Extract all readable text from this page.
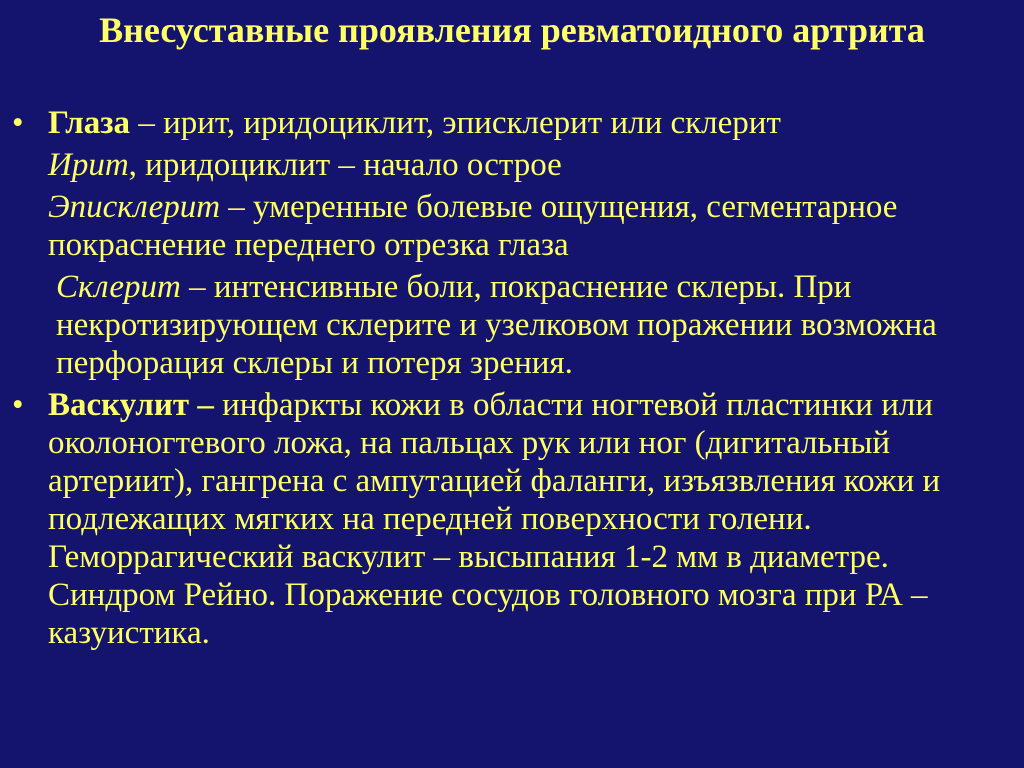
Внесуставные проявления ревматоидного артрита
• Глаза – ирит, иридоциклит, эписклерит или склерит
Ирит, иридоциклит – начало острое
Эписклерит – умеренные болевые ощущения, сегментарное покраснение переднего отрезка глаза
Склерит – интенсивные боли, покраснение склеры. При некротизирующем склерите и узелковом поражении возможна перфорация склеры и потеря зрения.
• Васкулит – инфаркты кожи в области ногтевой пластинки или околоногтевого ложа, на пальцах рук или ног (дигитальный артериит), гангрена с ампутацией фаланги, изъязвления кожи и подлежащих мягких на передней поверхности голени. Геморрагический васкулит – высыпания 1-2 мм в диаметре. Синдром Рейно. Поражение сосудов головного мозга при РА – казуистика.
